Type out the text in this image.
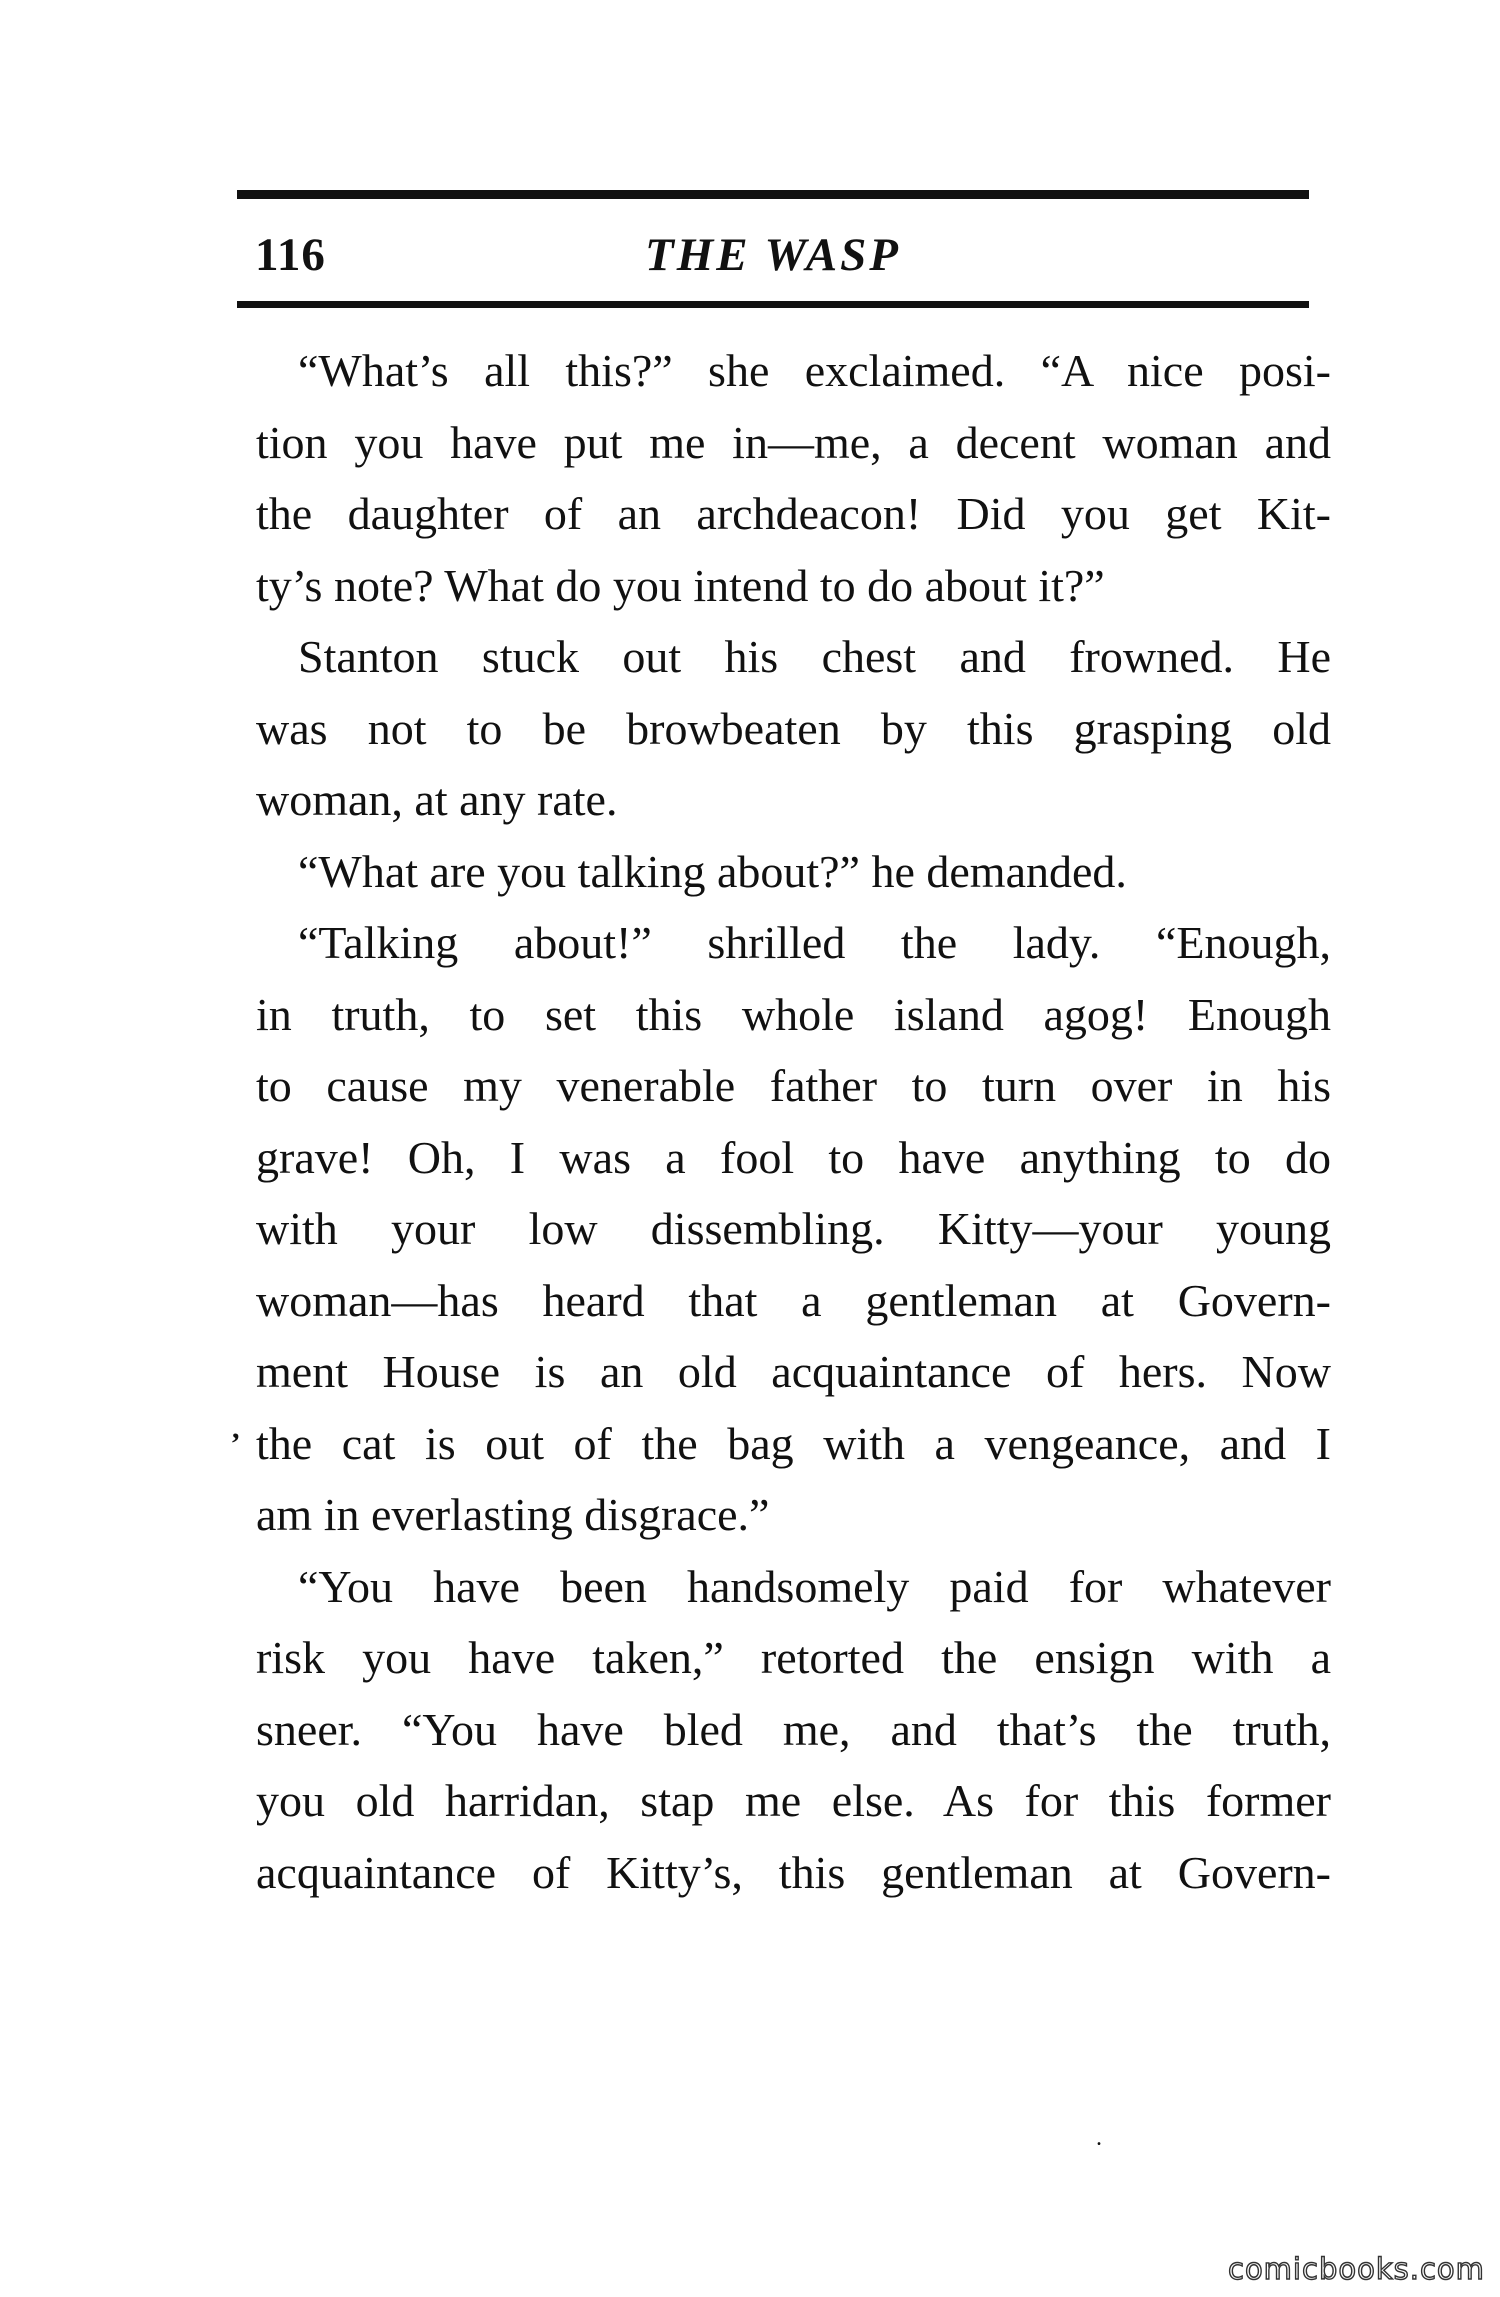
116	THE WASP
“What’s all this?” she exclaimed. “A nice posi-
tion you have put me in—me, a decent woman and
the daughter of an archdeacon! Did you get Kit-
ty’s note? What do you intend to do about it?”
Stanton stuck out his chest and frowned. He
was not to be browbeaten by this grasping old
woman, at any rate.
“What are you talking about?” he demanded.
“Talking about!” shrilled the lady. “Enough,
in truth, to set this whole island agog! Enough
to cause my venerable father to turn over in his
grave! Oh, I was a fool to have anything to do
with your low dissembling. Kitty—your young
woman—has heard that a gentleman at Govern-
ment House is an old acquaintance of hers. Now
the cat is out of the bag with a vengeance, and I
am in everlasting disgrace.”
“You have been handsomely paid for whatever
risk you have taken,” retorted the ensign with a
sneer. “You have bled me, and that’s the truth,
you old harridan, stap me else. As for this former
acquaintance of Kitty’s, this gentleman at Govern-
,
.
comicbooks.com
